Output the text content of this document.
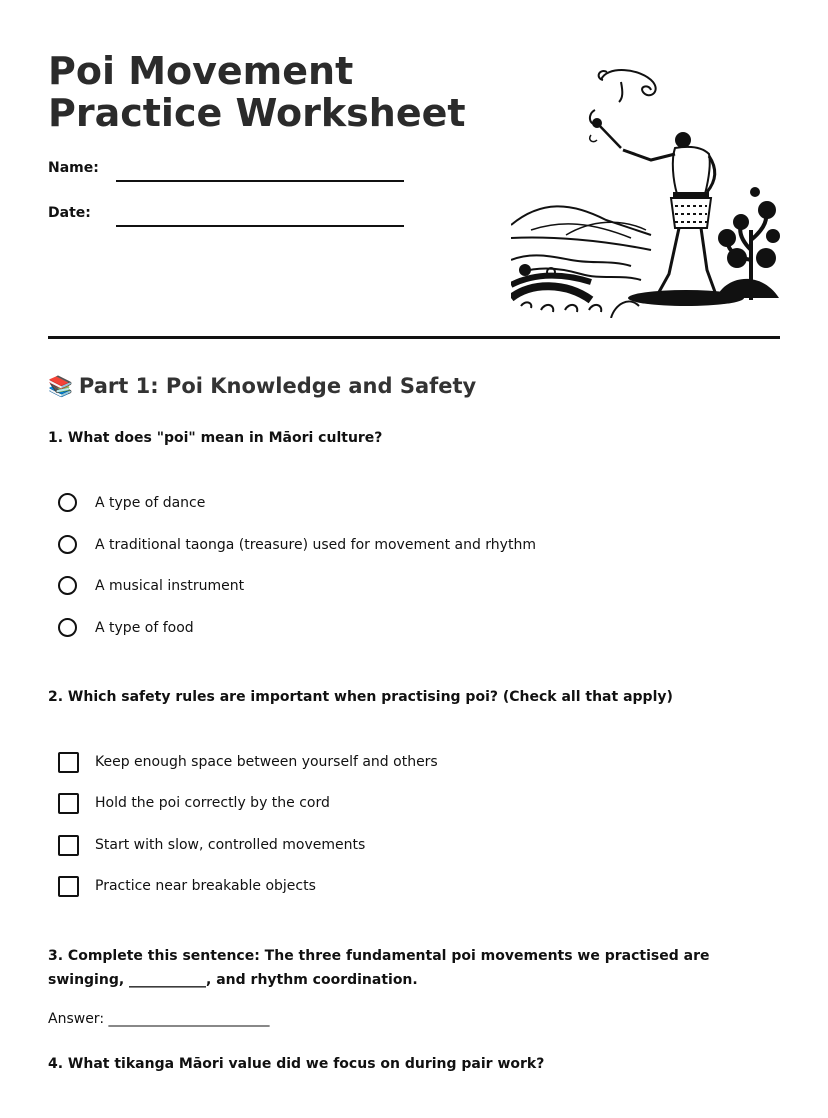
Poi Movement Practice Worksheet
Name:
Date:
📚 Part 1: Poi Knowledge and Safety

1. What does "poi" mean in Māori culture?

A type of dance
A traditional taonga (treasure) used for movement and rhythm
A musical instrument
A type of food

2. Which safety rules are important when practising poi? (Check all that apply)

Keep enough space between yourself and others
Hold the poi correctly by the cord
Start with slow, controlled movements
Practice near breakable objects

3. Complete this sentence: The three fundamental poi movements we practised are swinging, ___________, and rhythm coordination.

Answer: _______________________

4. What tikanga Māori value did we focus on during pair work?
